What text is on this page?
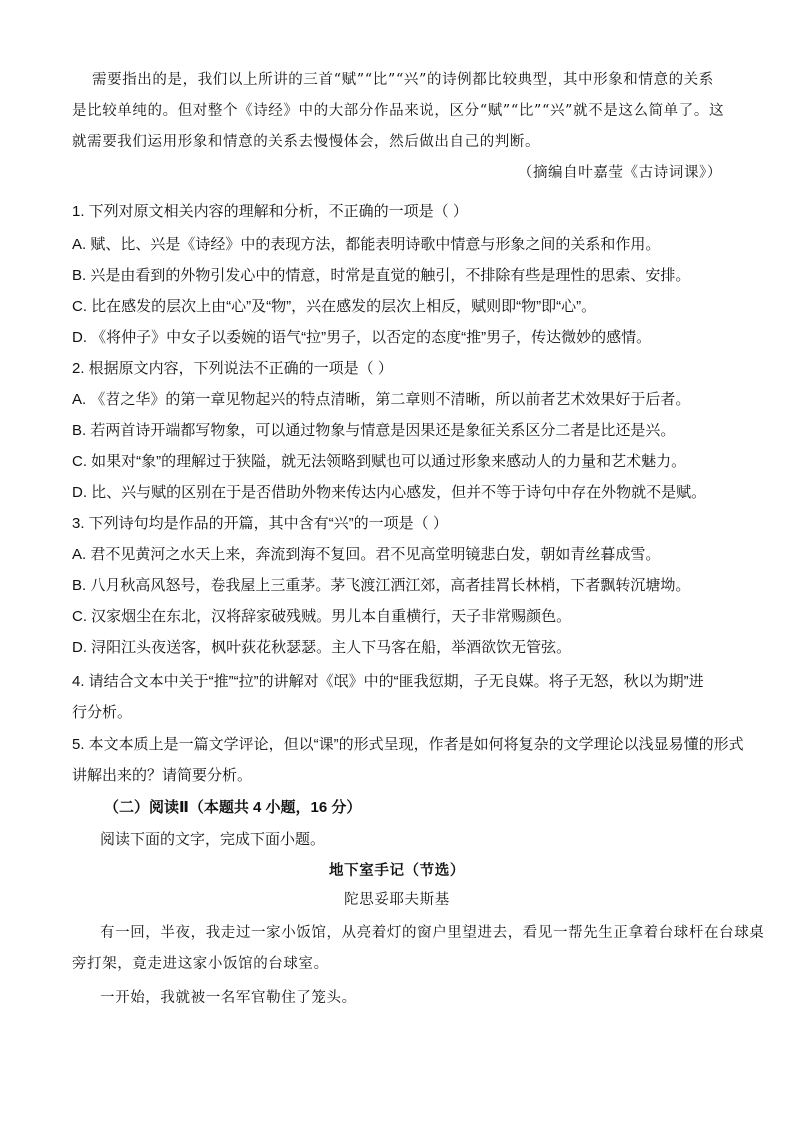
需要指出的是，我们以上所讲的三首“赋”“比”“兴”的诗例都比较典型，其中形象和情意的关系
是比较单纯的。但对整个《诗经》中的大部分作品来说，区分“赋”“比”“兴”就不是这么简单了。这
就需要我们运用形象和情意的关系去慢慢体会，然后做出自己的判断。
（摘编自叶嘉莹《古诗词课》）
1. 下列对原文相关内容的理解和分析，不正确的一项是（ ）
A. 赋、比、兴是《诗经》中的表现方法，都能表明诗歌中情意与形象之间的关系和作用。
B. 兴是由看到的外物引发心中的情意，时常是直觉的触引，不排除有些是理性的思索、安排。
C. 比在感发的层次上由“心”及“物”，兴在感发的层次上相反，赋则即“物”即“心”。
D. 《将仲子》中女子以委婉的语气“拉”男子，以否定的态度“推”男子，传达微妙的感情。
2. 根据原文内容，下列说法不正确的一项是（ ）
A. 《苕之华》的第一章见物起兴的特点清晰，第二章则不清晰，所以前者艺术效果好于后者。
B. 若两首诗开端都写物象，可以通过物象与情意是因果还是象征关系区分二者是比还是兴。
C. 如果对“象”的理解过于狭隘，就无法领略到赋也可以通过形象来感动人的力量和艺术魅力。
D. 比、兴与赋的区别在于是否借助外物来传达内心感发，但并不等于诗句中存在外物就不是赋。
3. 下列诗句均是作品的开篇，其中含有“兴”的一项是（ ）
A. 君不见黄河之水天上来，奔流到海不复回。君不见高堂明镜悲白发，朝如青丝暮成雪。
B. 八月秋高风怒号，卷我屋上三重茅。茅飞渡江洒江郊，高者挂罥长林梢，下者飘转沉塘坳。
C. 汉家烟尘在东北，汉将辞家破残贼。男儿本自重横行，天子非常赐颜色。
D. 浔阳江头夜送客，枫叶荻花秋瑟瑟。主人下马客在船，举酒欲饮无管弦。
4. 请结合文本中关于“推”“拉”的讲解对《氓》中的“匪我愆期，子无良媒。将子无怒，秋以为期”进
行分析。
5. 本文本质上是一篇文学评论，但以“课”的形式呈现，作者是如何将复杂的文学理论以浅显易懂的形式
讲解出来的？请简要分析。
（二）阅读Ⅱ（本题共 4 小题，16 分）
阅读下面的文字，完成下面小题。
地下室手记（节选）
陀思妥耶夫斯基
有一回，半夜，我走过一家小饭馆，从亮着灯的窗户里望进去，看见一帮先生正拿着台球杆在台球桌
旁打架，竟走进这家小饭馆的台球室。
一开始，我就被一名军官勒住了笼头。
